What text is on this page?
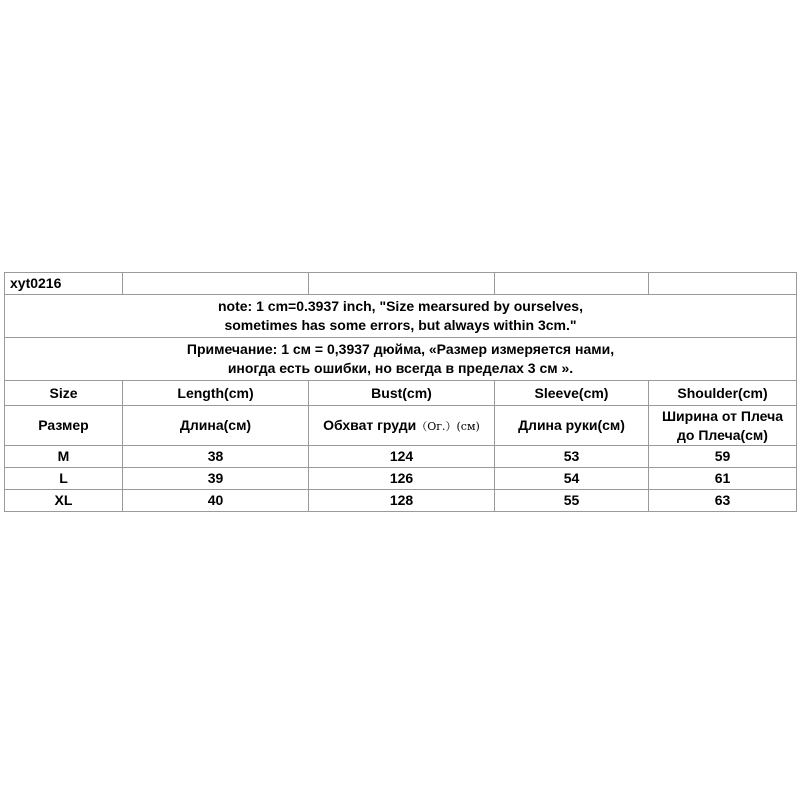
xyt0216				

note: 1 cm=0.3937 inch, "Size mearsured by ourselves,
sometimes has some errors, but always within 3cm."				

Примечание: 1 см = 0,3937 дюйма, «Размер измеряется нами,
иногда есть ошибки, но всегда в пределах 3 см ».				

Size	Length(cm)	Bust(cm)	Sleeve(cm)	Shoulder(cm)
Размер	Длина(см)	Обхват груди（Ог.）(см)	Длина руки(см)	Ширина от Плеча
до Плеча(см)

M	38	124	53	59
L	39	126	54	61
XL	40	128	55	63
